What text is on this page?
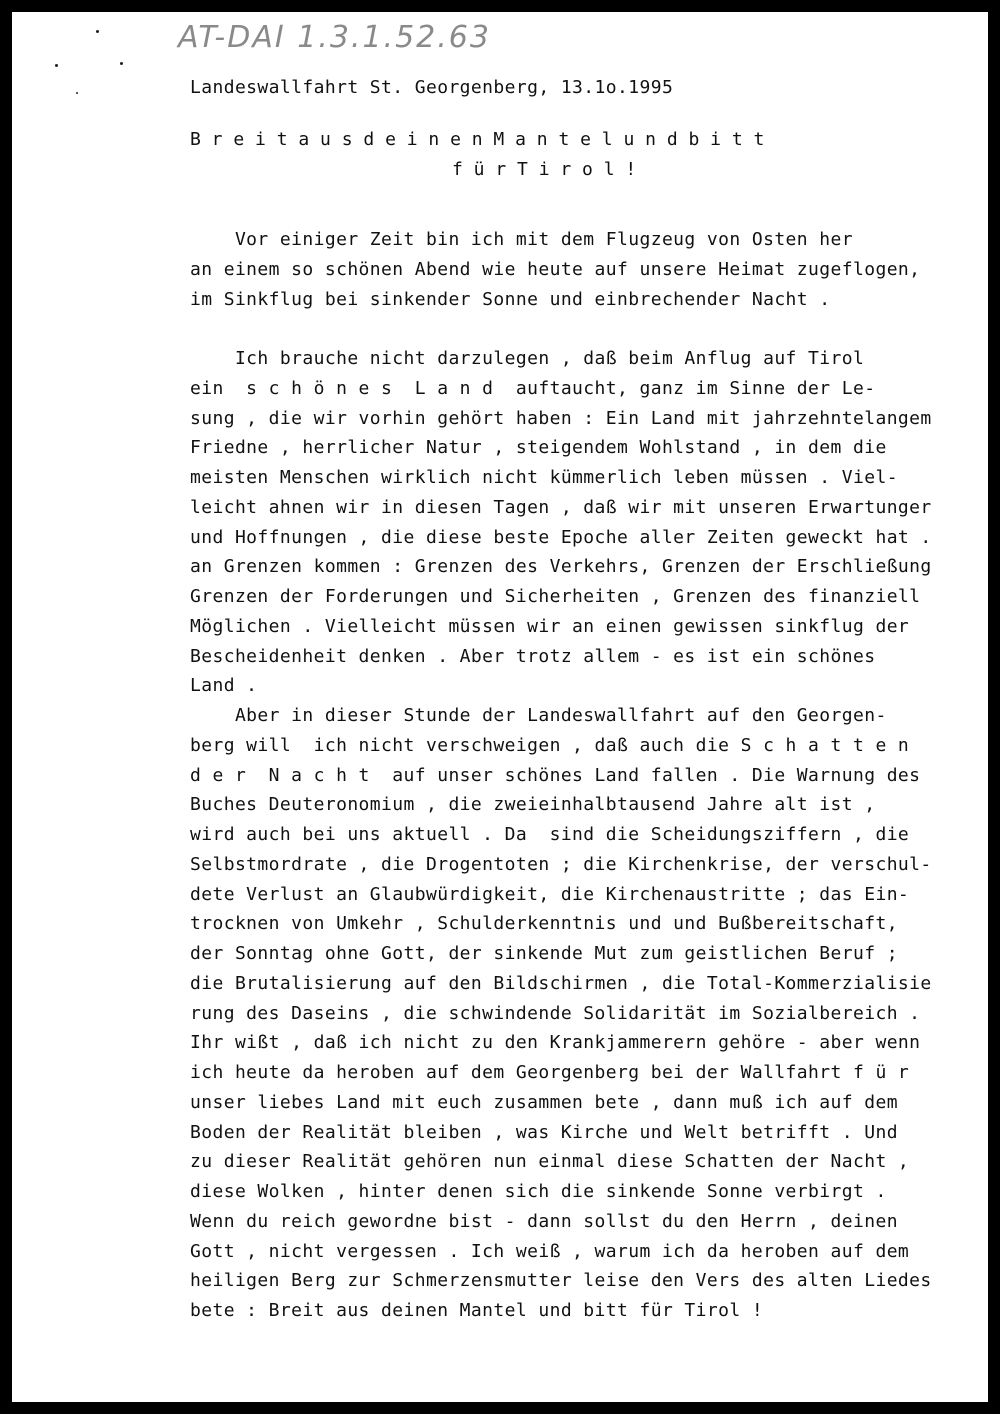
AT-DAI 1.3.1.52.63
Landeswallfahrt St. Georgenberg, 13.1o.1995
B r e i t a u s d e i n e n M a n t e l u n d b i t t
f ü r T i r o l !
Vor einiger Zeit bin ich mit dem Flugzeug von Osten her
an einem so schönen Abend wie heute auf unsere Heimat zugeflogen,
im Sinkflug bei sinkender Sonne und einbrechender Nacht .
Ich brauche nicht darzulegen , daß beim Anflug auf Tirol
ein  s c h ö n e s  L a n d  auftaucht, ganz im Sinne der Le-
sung , die wir vorhin gehört haben : Ein Land mit jahrzehntelangem
Friedne , herrlicher Natur , steigendem Wohlstand , in dem die
meisten Menschen wirklich nicht kümmerlich leben müssen . Viel-
leicht ahnen wir in diesen Tagen , daß wir mit unseren Erwartunger
und Hoffnungen , die diese beste Epoche aller Zeiten geweckt hat .
an Grenzen kommen : Grenzen des Verkehrs, Grenzen der Erschließung
Grenzen der Forderungen und Sicherheiten , Grenzen des finanziell
Möglichen . Vielleicht müssen wir an einen gewissen sinkflug der
Bescheidenheit denken . Aber trotz allem - es ist ein schönes
Land .
Aber in dieser Stunde der Landeswallfahrt auf den Georgen-
berg will  ich nicht verschweigen , daß auch die S c h a t t e n
d e r  N a c h t  auf unser schönes Land fallen . Die Warnung des
Buches Deuteronomium , die zweieinhalbtausend Jahre alt ist ,
wird auch bei uns aktuell . Da  sind die Scheidungsziffern , die
Selbstmordrate , die Drogentoten ; die Kirchenkrise, der verschul-
dete Verlust an Glaubwürdigkeit, die Kirchenaustritte ; das Ein-
trocknen von Umkehr , Schulderkenntnis und und Bußbereitschaft,
der Sonntag ohne Gott, der sinkende Mut zum geistlichen Beruf ;
die Brutalisierung auf den Bildschirmen , die Total-Kommerzialisie
rung des Daseins , die schwindende Solidarität im Sozialbereich .
Ihr wißt , daß ich nicht zu den Krankjammerern gehöre - aber wenn
ich heute da heroben auf dem Georgenberg bei der Wallfahrt f ü r
unser liebes Land mit euch zusammen bete , dann muß ich auf dem
Boden der Realität bleiben , was Kirche und Welt betrifft . Und
zu dieser Realität gehören nun einmal diese Schatten der Nacht ,
diese Wolken , hinter denen sich die sinkende Sonne verbirgt .
Wenn du reich gewordne bist - dann sollst du den Herrn , deinen
Gott , nicht vergessen . Ich weiß , warum ich da heroben auf dem
heiligen Berg zur Schmerzensmutter leise den Vers des alten Liedes
bete : Breit aus deinen Mantel und bitt für Tirol !
